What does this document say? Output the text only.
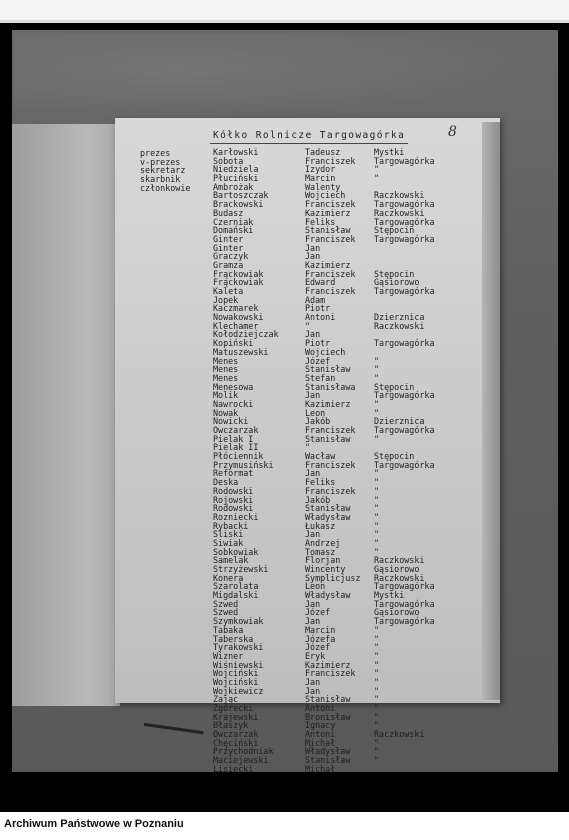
8
Kółko Rolnicze Targowagórka
prezes
v-prezes
sekretarz
skarbnik
członkowie
Karłowski
Sobota
Niedziela
Płuciński
Ambrożak
Bartoszczak
Brackowski
Budasz
Czerniak
Domański
Ginter
Ginter
Graczyk
Gramza
Frąckowiak
Frąckowiak
Kaleta
Jopek
Kaczmarek
Nowakowski
Klechamer
Kołodziejczak
Kopiński
Matuszewski
Menes
Menes
Menes
Menesowa
Molik
Nawrocki
Nowak
Nowicki
Owczarzak
Pielak I
Pielak II
Płóciennik
Przymusiński
Reformat
Deska
Rodowski
Rojowski
Rodowski
Rozniecki
Rybacki
Sliski
Siwiak
Sobkowiak
Samelak
Strzyżewski
Konera
Szarolata
Migdalski
Szwed
Szwed
Szymkowiak
Tabaka
Taberska
Tyrakowski
Wizner
Wiśniewski
Wojciński
Wojciński
Wojkiewicz
Zając
Zgórecki
Krajewski
Błaszyk
Owczarzak
Chęciński
Przychodniak
Maciejewski
Lisiecki
Tadeusz
Franciszek
Izydor
Marcin
Walenty
Wojciech
Franciszek
Kazimierz
Feliks
Stanisław
Franciszek
Jan
Jan
Kazimierz
Franciszek
Edward
Franciszek
Adam
Piotr
Antoni
"
Jan
Piotr
Wojciech
Józef
Stanisław
Stefan
Stanisława
Jan
Kazimierz
Leon
Jakób
Franciszek
Stanisław
"
Wacław
Franciszek
Jan
Feliks
Franciszek
Jakób
Stanisław
Władysław
Łukasz
Jan
Andrzej
Tomasz
Florjan
Wincenty
Symplicjusz
Leon
Władysław
Jan
Józef
Jan
Marcin
Józefa
Józef
Eryk
Kazimierz
Franciszek
Jan
Jan
Stanisław
Antoni
Bronisław
Ignacy
Antoni
Michał
Władysław
Stanisław
Michał
Mystki
Targowagórka
"
"
Raczkowski
Targowagórka
Raczkowski
Targowagórka
Stępocin
Targowagórka
Stępocin
Gąsiorowo
Targowagórka
Dzierznica
Raczkowski
Targowagórka
"
"
"
Stępocin
Targowagórka
"
"
Dzierznica
Targowagórka
"
Stępocin
Targowagórka
"
"
"
"
"
"
"
"
"
"
Raczkowski
Gąsiorowo
Raczkowski
Targowagórka
Mystki
Targowagórka
Gąsiorowo
Targowagórka
"
"
"
"
"
"
"
"
"
"
"
"
Raczkowski
"
"
"
Archiwum Państwowe w Poznaniu
